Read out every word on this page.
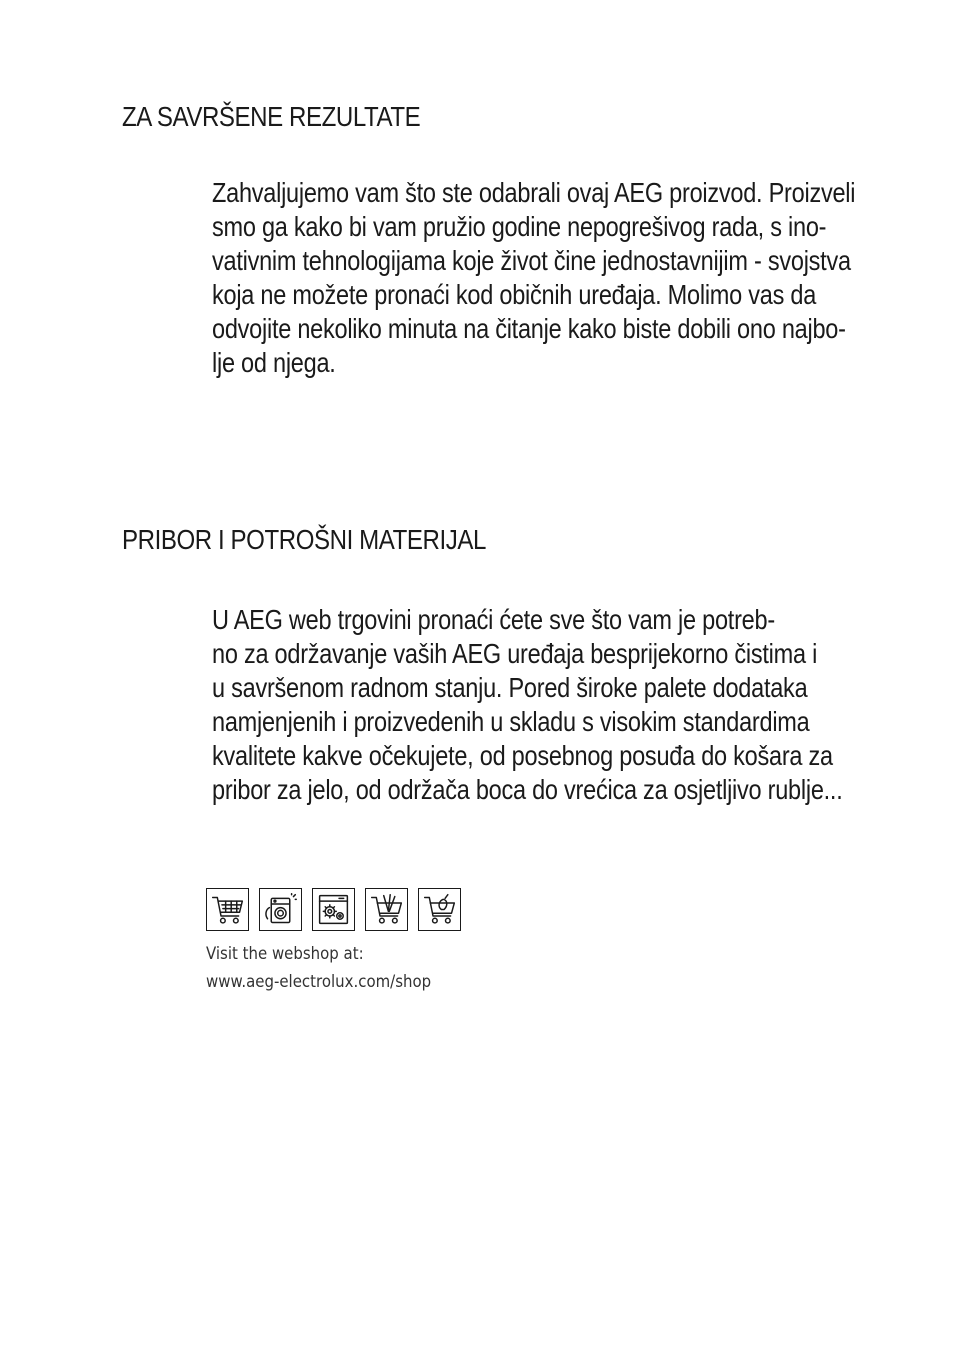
ZA SAVRŠENE REZULTATE

Zahvaljujemo vam što ste odabrali ovaj AEG proizvod. Proizveli
smo ga kako bi vam pružio godine nepogrešivog rada, s ino-
vativnim tehnologijama koje život čine jednostavnijim - svojstva
koja ne možete pronaći kod običnih uređaja. Molimo vas da
odvojite nekoliko minuta na čitanje kako biste dobili ono najbo-
lje od njega.

PRIBOR I POTROŠNI MATERIJAL

U AEG web trgovini pronaći ćete sve što vam je potreb-
no za održavanje vaših AEG uređaja besprijekorno čistima i
u savršenom radnom stanju. Pored široke palete dodataka
namjenjenih i proizvedenih u skladu s visokim standardima
kvalitete kakve očekujete, od posebnog posuđa do košara za
pribor za jelo, od održača boca do vrećica za osjetljivo rublje...

Visit the webshop at:
www.aeg-electrolux.com/shop
